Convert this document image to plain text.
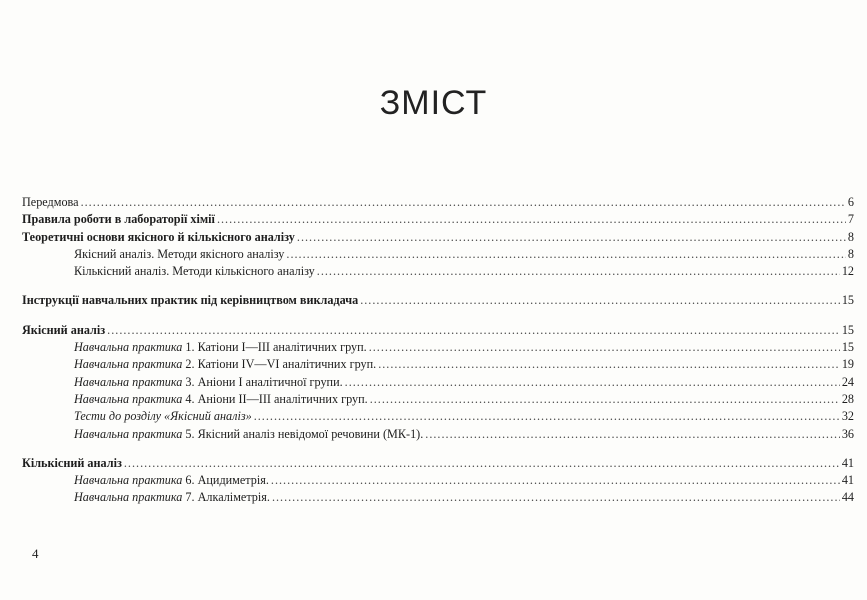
ЗМІСТ
Передмова .....	6
Правила роботи в лабораторії хімії .....	7
Теоретичні основи якісного й кількісного аналізу .....	8
Якісний аналіз. Методи якісного аналізу .....	8
Кількісний аналіз. Методи кількісного аналізу .....	12
Інструкції навчальних практик під керівництвом викладача .....	15
Якісний аналіз .....	15
Навчальна практика 1. Катіони I—III аналітичних груп. .....	15
Навчальна практика 2. Катіони IV—VI аналітичних груп. .....	19
Навчальна практика 3. Аніони I аналітичної групи. .....	24
Навчальна практика 4. Аніони II—III аналітичних груп. .....	28
Тести до розділу «Якісний аналіз» .....	32
Навчальна практика 5. Якісний аналіз невідомої речовини (МК-1). .....	36
Кількісний аналіз .....	41
Навчальна практика 6. Ацидиметрія. .....	41
Навчальна практика 7. Алкаліметрія. .....	44
4
